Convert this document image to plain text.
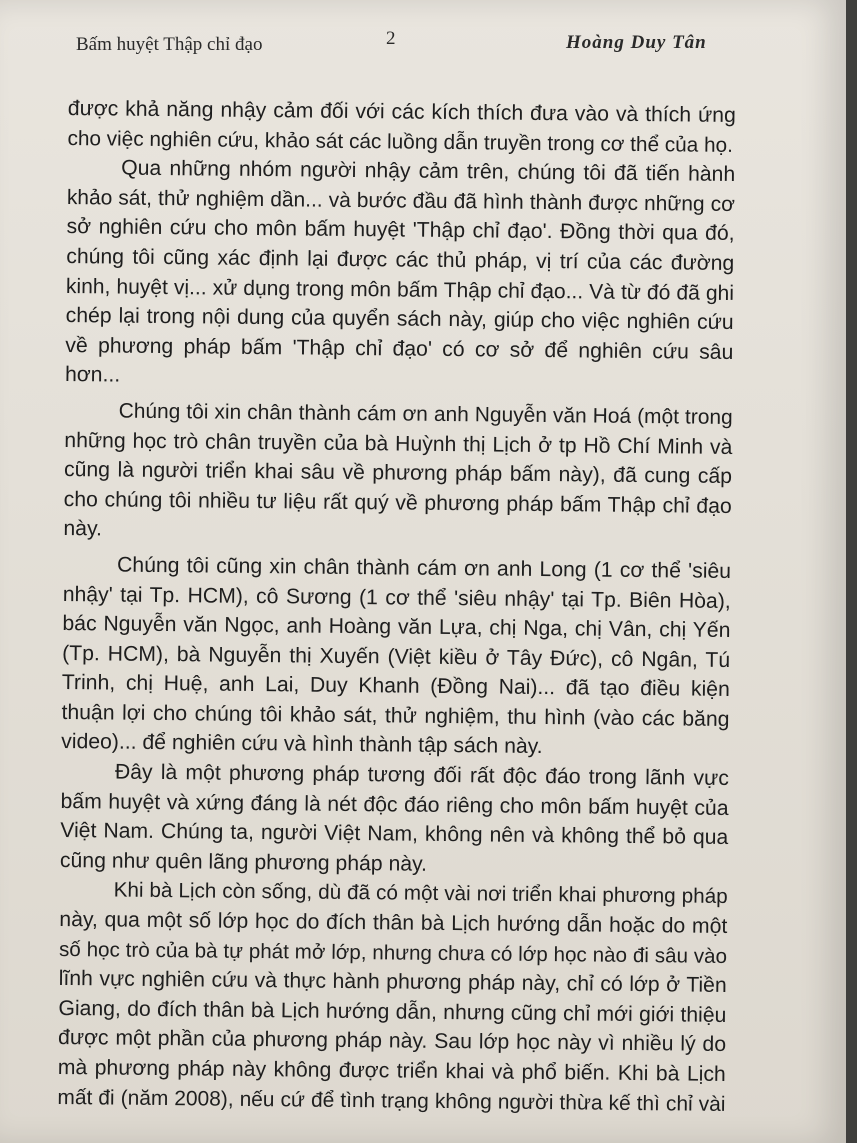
Bấm huyệt Thập chỉ đạo	2	Hoàng Duy Tân

được khả năng nhậy cảm đối với các kích thích đưa vào và thích ứng
cho việc nghiên cứu, khảo sát các luồng dẫn truyền trong cơ thể của họ.

Qua những nhóm người nhậy cảm trên, chúng tôi đã tiến hành
khảo sát, thử nghiệm dần... và bước đầu đã hình thành được những cơ
sở nghiên cứu cho môn bấm huyệt 'Thập chỉ đạo'. Đồng thời qua đó,
chúng tôi cũng xác định lại được các thủ pháp, vị trí của các đường
kinh, huyệt vị... xử dụng trong môn bấm Thập chỉ đạo... Và từ đó đã ghi
chép lại trong nội dung của quyển sách này, giúp cho việc nghiên cứu
về phương pháp bấm 'Thập chỉ đạo' có cơ sở để nghiên cứu sâu
hơn...

Chúng tôi xin chân thành cám ơn anh Nguyễn văn Hoá (một trong
những học trò chân truyền của bà Huỳnh thị Lịch ở tp Hồ Chí Minh và
cũng là người triển khai sâu về phương pháp bấm này), đã cung cấp
cho chúng tôi nhiều tư liệu rất quý về phương pháp bấm Thập chỉ đạo
này.

Chúng tôi cũng xin chân thành cám ơn anh Long (1 cơ thể 'siêu
nhậy' tại Tp. HCM), cô Sương (1 cơ thể 'siêu nhậy' tại Tp. Biên Hòa),
bác Nguyễn văn Ngọc, anh Hoàng văn Lựa, chị Nga, chị Vân, chị Yến
(Tp. HCM), bà Nguyễn thị Xuyến (Việt kiều ở Tây Đức), cô Ngân, Tú
Trinh, chị Huệ, anh Lai, Duy Khanh (Đồng Nai)... đã tạo điều kiện
thuận lợi cho chúng tôi khảo sát, thử nghiệm, thu hình (vào các băng
video)... để nghiên cứu và hình thành tập sách này.

Đây là một phương pháp tương đối rất độc đáo trong lãnh vực
bấm huyệt và xứng đáng là nét độc đáo riêng cho môn bấm huyệt của
Việt Nam. Chúng ta, người Việt Nam, không nên và không thể bỏ qua
cũng như quên lãng phương pháp này.

Khi bà Lịch còn sống, dù đã có một vài nơi triển khai phương pháp
này, qua một số lớp học do đích thân bà Lịch hướng dẫn hoặc do một
số học trò của bà tự phát mở lớp, nhưng chưa có lớp học nào đi sâu vào
lĩnh vực nghiên cứu và thực hành phương pháp này, chỉ có lớp ở Tiền
Giang, do đích thân bà Lịch hướng dẫn, nhưng cũng chỉ mới giới thiệu
được một phần của phương pháp này. Sau lớp học này vì nhiều lý do
mà phương pháp này không được triển khai và phổ biến. Khi bà Lịch
mất đi (năm 2008), nếu cứ để tình trạng không người thừa kế thì chỉ vài
